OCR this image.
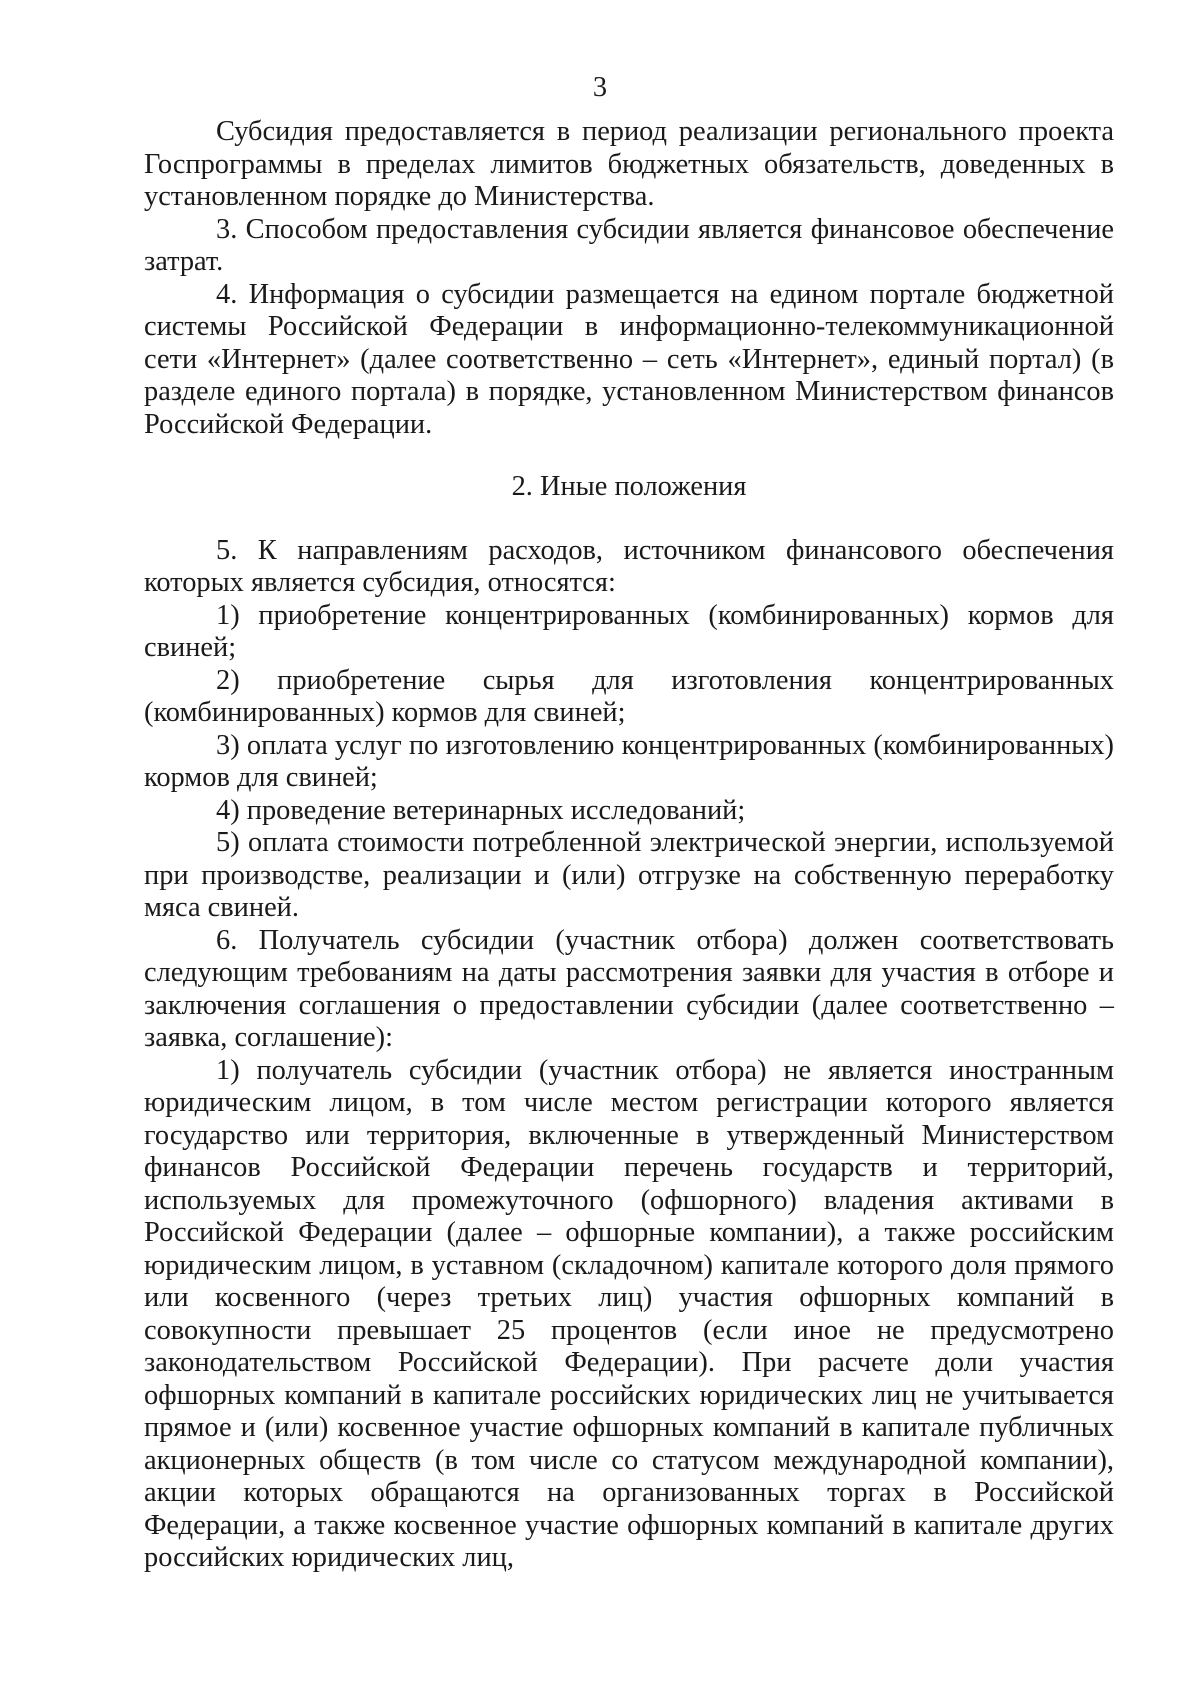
3

Субсидия предоставляется в период реализации регионального проекта Госпрограммы в пределах лимитов бюджетных обязательств, доведенных в установленном порядке до Министерства.

3. Способом предоставления субсидии является финансовое обеспечение затрат.

4. Информация о субсидии размещается на едином портале бюджетной системы Российской Федерации в информационно-телекоммуникационной сети «Интернет» (далее соответственно – сеть «Интернет», единый портал) (в разделе единого портала) в порядке, установленном Министерством финансов Российской Федерации.

2. Иные положения

5. К направлениям расходов, источником финансового обеспечения которых является субсидия, относятся:

1) приобретение концентрированных (комбинированных) кормов для свиней;

2) приобретение сырья для изготовления концентрированных (комбинированных) кормов для свиней;

3) оплата услуг по изготовлению концентрированных (комбинированных) кормов для свиней;

4) проведение ветеринарных исследований;

5) оплата стоимости потребленной электрической энергии, используемой при производстве, реализации и (или) отгрузке на собственную переработку мяса свиней.

6. Получатель субсидии (участник отбора) должен соответствовать следующим требованиям на даты рассмотрения заявки для участия в отборе и заключения соглашения о предоставлении субсидии (далее соответственно – заявка, соглашение):

1) получатель субсидии (участник отбора) не является иностранным юридическим лицом, в том числе местом регистрации которого является государство или территория, включенные в утвержденный Министерством финансов Российской Федерации перечень государств и территорий, используемых для промежуточного (офшорного) владения активами в Российской Федерации (далее – офшорные компании), а также российским юридическим лицом, в уставном (складочном) капитале которого доля прямого или косвенного (через третьих лиц) участия офшорных компаний в совокупности превышает 25 процентов (если иное не предусмотрено законодательством Российской Федерации). При расчете доли участия офшорных компаний в капитале российских юридических лиц не учитывается прямое и (или) косвенное участие офшорных компаний в капитале публичных акционерных обществ (в том числе со статусом международной компании), акции которых обращаются на организованных торгах в Российской Федерации, а также косвенное участие офшорных компаний в капитале других российских юридических лиц,
